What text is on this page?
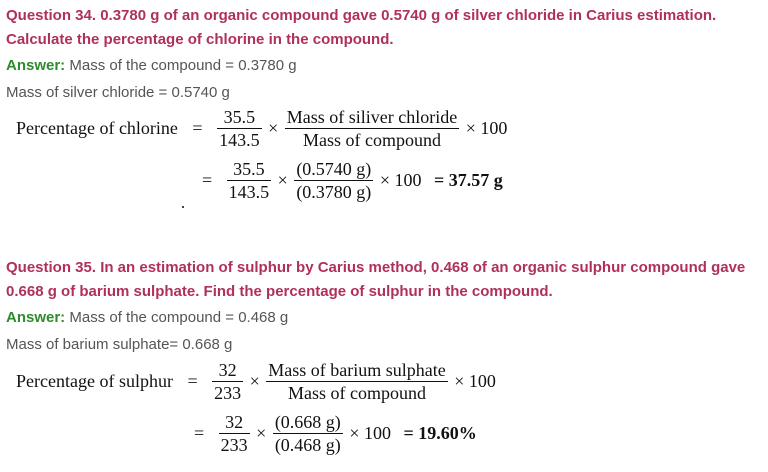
Question 34. 0.3780 g of an organic compound gave 0.5740 g of silver chloride in Carius estimation.
Calculate the percentage of chlorine in the compound.
Answer: Mass of the compound = 0.3780 g
Mass of silver chloride = 0.5740 g
Percentage of chlorine = $\frac{35.5}{143.5} \times \frac{\text{Mass of siliver chloride}}{\text{Mass of compound}} \times 100$
= $\frac{35.5}{143.5} \times \frac{(0.5740 g)}{(0.3780 g)} \times 100 = 37.57$ g
Question 35. In an estimation of sulphur by Carius method, 0.468 of an organic sulphur compound gave
0.668 g of barium sulphate. Find the percentage of sulphur in the compound.
Answer: Mass of the compound = 0.468 g
Mass of barium sulphate= 0.668 g
Percentage of sulphur = $\frac{32}{233} \times \frac{\text{Mass of barium sulphate}}{\text{Mass of compound}} \times 100$
= $\frac{32}{233} \times \frac{(0.668 g)}{(0.468 g)} \times 100 = 19.60\%$
